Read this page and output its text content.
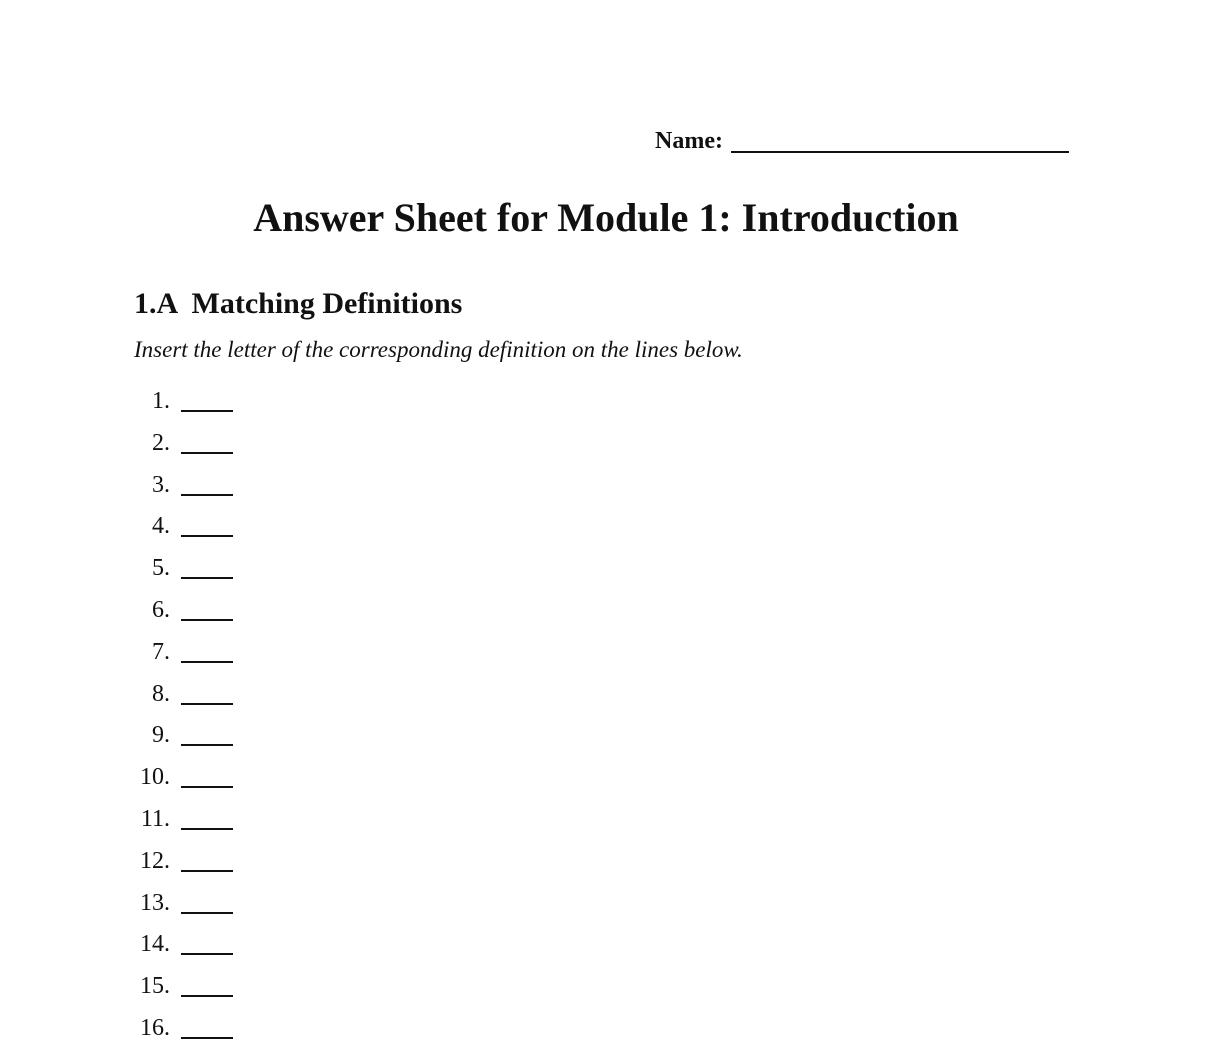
Name:
Answer Sheet for Module 1: Introduction
1.A  Matching Definitions

Insert the letter of the corresponding definition on the lines below.

1.
2.
3.
4.
5.
6.
7.
8.
9.
10.
11.
12.
13.
14.
15.
16.
